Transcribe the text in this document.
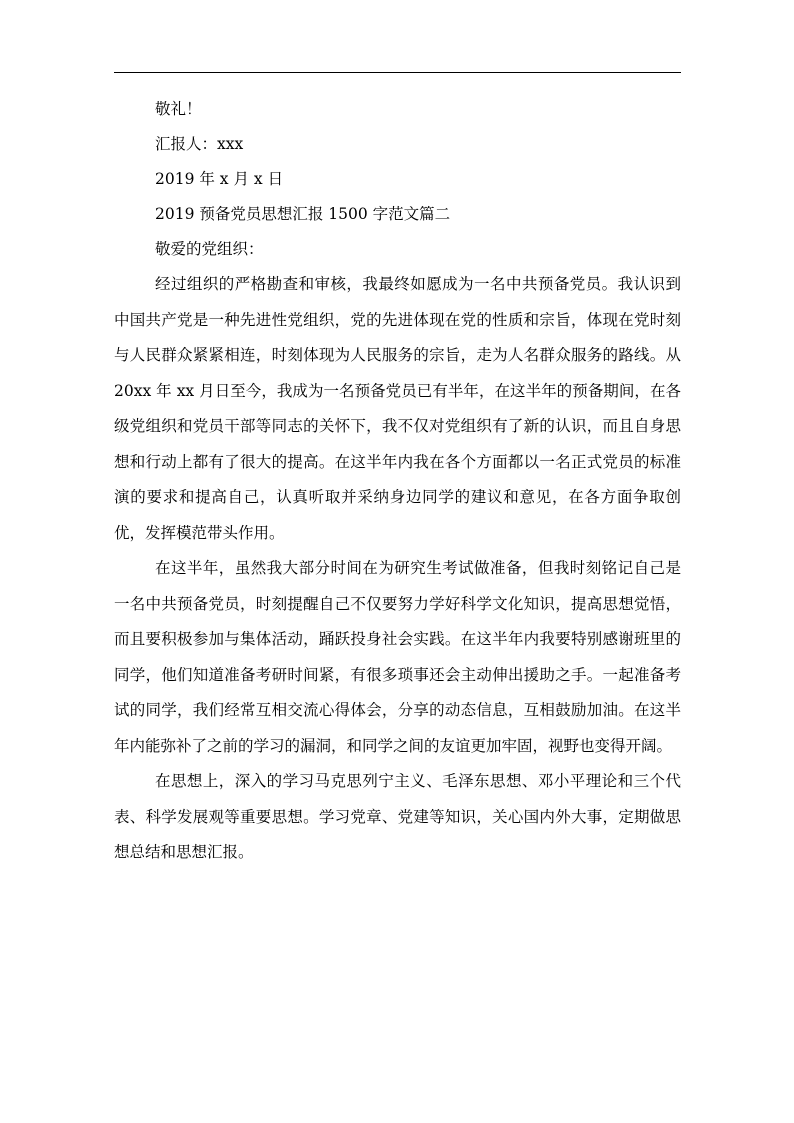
敬礼！
汇报人：xxx
2019 年 x 月 x 日
2019 预备党员思想汇报 1500 字范文篇二
敬爱的党组织：

经过组织的严格勘查和审核，我最终如愿成为一名中共预备党员。我认识到中国共产党是一种先进性党组织，党的先进体现在党的性质和宗旨，体现在党时刻与人民群众紧紧相连，时刻体现为人民服务的宗旨，走为人名群众服务的路线。从 20xx 年 xx 月日至今，我成为一名预备党员已有半年，在这半年的预备期间，在各级党组织和党员干部等同志的关怀下，我不仅对党组织有了新的认识，而且自身思想和行动上都有了很大的提高。在这半年内我在各个方面都以一名正式党员的标准演的要求和提高自己，认真听取并采纳身边同学的建议和意见，在各方面争取创优，发挥模范带头作用。

在这半年，虽然我大部分时间在为研究生考试做准备，但我时刻铭记自己是一名中共预备党员，时刻提醒自己不仅要努力学好科学文化知识，提高思想觉悟，而且要积极参加与集体活动，踊跃投身社会实践。在这半年内我要特别感谢班里的同学，他们知道准备考研时间紧，有很多琐事还会主动伸出援助之手。一起准备考试的同学，我们经常互相交流心得体会，分享的动态信息，互相鼓励加油。在这半年内能弥补了之前的学习的漏洞，和同学之间的友谊更加牢固，视野也变得开阔。

在思想上，深入的学习马克思列宁主义、毛泽东思想、邓小平理论和三个代表、科学发展观等重要思想。学习党章、党建等知识，关心国内外大事，定期做思想总结和思想汇报。
